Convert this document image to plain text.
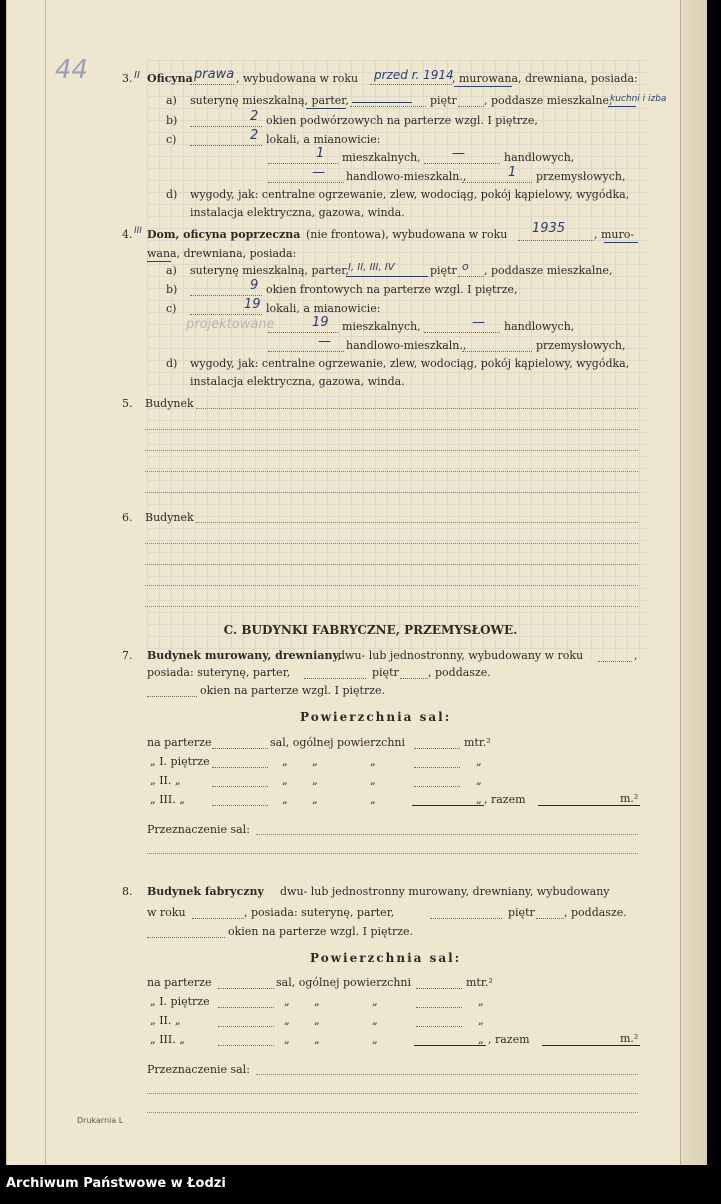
44	3. II Oficyna prawa , wybudowana w roku przed r. 1914
, murowana, drewniana, posiada:
a) suterynę mieszkalną, parter,	piętr , poddasze mieszkalne,
kuchni i izba
b)	2 okien podwórzowych na parterze wzgl. I piętrze,
c)	2 lokali, a mianowicie:
1 mieszkalnych, —	handlowych,
— handlowo-mieszkaln.,	1 przemysłowych,
d) wygody, jak: centralne ogrzewanie, zlew, wodociąg, pokój kąpielowy, wygódka,
instalacja elektryczna, gazowa, winda.
4. III Dom, oficyna poprzeczna (nie frontowa), wybudowana w roku 1935	, muro-
wana, drewniana, posiada:
a) suterynę mieszkalną, parter, I, II, III, IV	piętr o , poddasze mieszkalne,
b)	9 okien frontowych na parterze wzgl. I piętrze,
c)	19 lokali, a mianowicie:
projektowane	19 mieszkalnych,	— handlowych,
— handlowo-mieszkaln.,	przemysłowych,
d) wygody, jak: centralne ogrzewanie, zlew, wodociąg, pokój kąpielowy, wygódka,
instalacja elektryczna, gazowa, winda.
5. Budynek
6. Budynek
C. BUDYNKI FABRYCZNE, PRZEMYSŁOWE.
7. Budynek murowany, drewniany,
dwu- lub jednostronny, wybudowany w roku	,
posiada: suterynę, parter,	piętr	, poddasze.
okien na parterze wzgl. I piętrze.
Powierzchnia sal:
na parterze	sal, ogólnej powierzchni	mtr.²
„ I. piętrze	„ „	„	„
„ II. „	„ „	„	„
„ III. „	„ „	„	„ , razem	m.²
Przeznaczenie sal:
8. Budynek fabryczny dwu- lub jednostronny murowany, drewniany, wybudowany
w roku	, posiada: suterynę, parter,	piętr	, poddasze.
okien na parterze wzgl. I piętrze.
Powierzchnia sal:
na parterze	sal, ogólnej powierzchni	mtr.²
„ I. piętrze	„ „	„	„
„ II. „	„ „	„	„
„ III. „	„ „	„	„ , razem	m.²
Przeznaczenie sal:
Drukarnia L
Archiwum Państwowe w Łodzi
